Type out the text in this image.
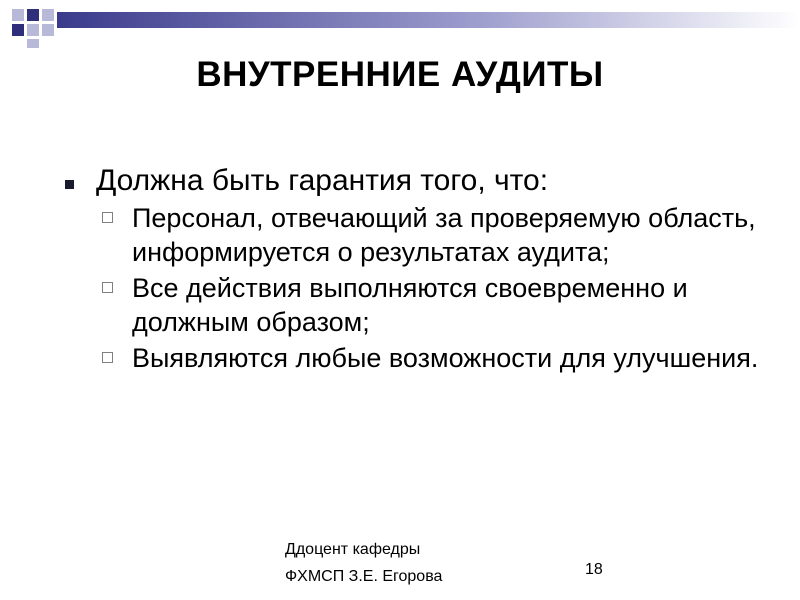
ВНУТРЕННИЕ АУДИТЫ
Должна быть гарантия того, что:
Персонал, отвечающий за проверяемую область, информируется о результатах аудита;
Все действия выполняются своевременно и должным образом;
Выявляются любые возможности для улучшения.
Ддоцент кафедры
ФХМСП З.Е. Егорова	18
